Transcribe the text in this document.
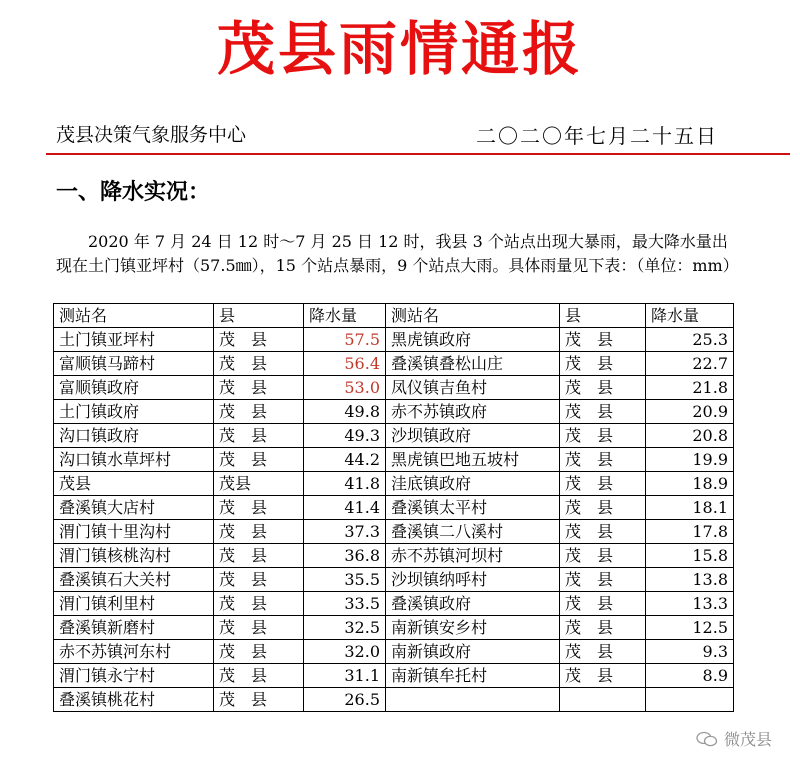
茂县雨情通报
茂县决策气象服务中心	二〇二〇年七月二十五日
一、降水实况：
2020 年 7 月 24 日 12 时～7 月 25 日 12 时，我县 3 个站点出现大暴雨，最大降水量出现在土门镇亚坪村（57.5㎜），15 个站点暴雨，9 个站点大雨。具体雨量见下表：（单位：mm）
测站名	县	降水量	测站名	县	降水量
土门镇亚坪村	茂　县	57.5	黑虎镇政府	茂　县	25.3
富顺镇马蹄村	茂　县	56.4	叠溪镇叠松山庄	茂　县	22.7
富顺镇政府	茂　县	53.0	凤仪镇吉鱼村	茂　县	21.8
土门镇政府	茂　县	49.8	赤不苏镇政府	茂　县	20.9
沟口镇政府	茂　县	49.3	沙坝镇政府	茂　县	20.8
沟口镇水草坪村	茂　县	44.2	黑虎镇巴地五坡村	茂　县	19.9
茂县	茂县	41.8	洼底镇政府	茂　县	18.9
叠溪镇大店村	茂　县	41.4	叠溪镇太平村	茂　县	18.1
渭门镇十里沟村	茂　县	37.3	叠溪镇二八溪村	茂　县	17.8
渭门镇核桃沟村	茂　县	36.8	赤不苏镇河坝村	茂　县	15.8
叠溪镇石大关村	茂　县	35.5	沙坝镇纳呼村	茂　县	13.8
渭门镇利里村	茂　县	33.5	叠溪镇政府	茂　县	13.3
叠溪镇新磨村	茂　县	32.5	南新镇安乡村	茂　县	12.5
赤不苏镇河东村	茂　县	32.0	南新镇政府	茂　县	9.3
渭门镇永宁村	茂　县	31.1	南新镇牟托村	茂　县	8.9
叠溪镇桃花村	茂　县	26.5			
微茂县
